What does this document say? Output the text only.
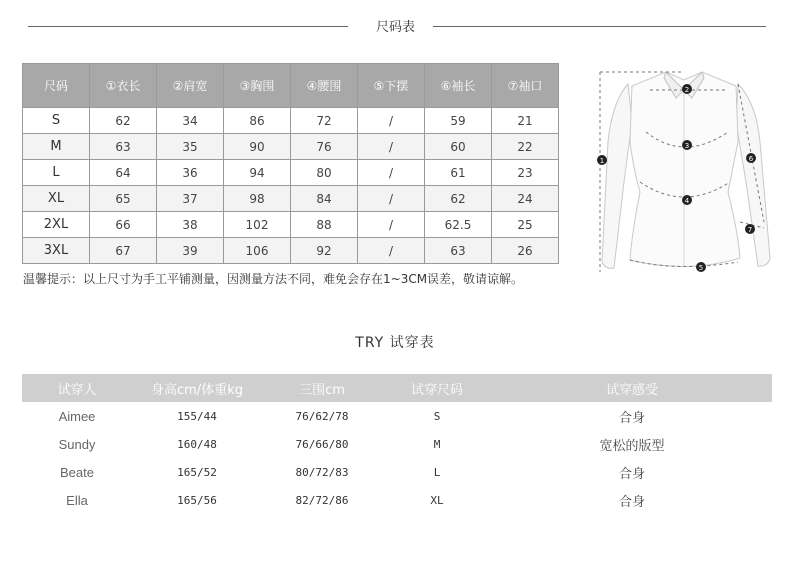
尺码表
尺码	①衣长	②肩宽	③胸围	④腰围	⑤下摆	⑥袖长	⑦袖口
S	62	34	86	72	/	59	21
M	63	35	90	76	/	60	22
L	64	36	94	80	/	61	23
XL	65	37	98	84	/	62	24
2XL	66	38	102	88	/	62.5	25
3XL	67	39	106	92	/	63	26
温馨提示：以上尺寸为手工平铺测量，因测量方法不同，难免会存在1~3CM误差，敬请谅解。
1
2
3
4
5
6
7
TRY 试穿表
试穿人	身高cm/体重kg	三围cm	试穿尺码	试穿感受
Aimee	155/44	76/62/78	S	合身
Sundy	160/48	76/66/80	M	宽松的版型
Beate	165/52	80/72/83	L	合身
Ella	165/56	82/72/86	XL	合身
